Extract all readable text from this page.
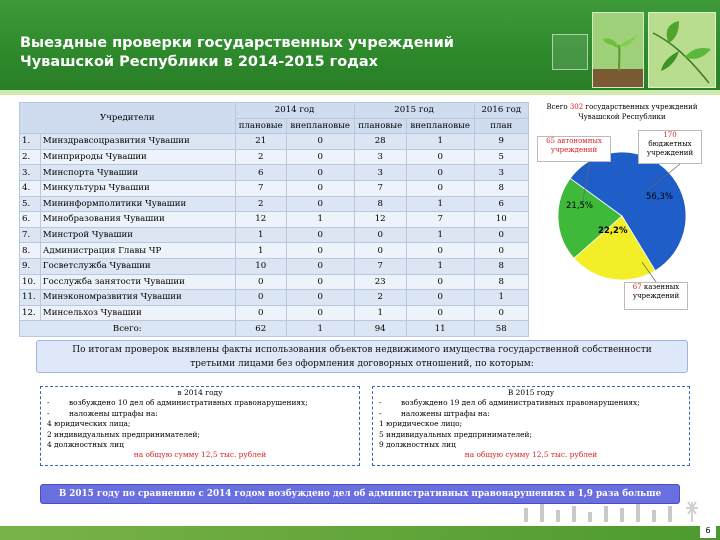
Выездные проверки государственных учреждений
Чувашской Республики в 2014-2015 годах
Учредители		2014 год		2015 год		2016 год
		плановые	внеплановые	плановые	внеплановые	план
1.	Минздравсоцразвития Чувашии	21	0	28	1	9
2.	Минприроды Чувашии	2	0	3	0	5
3.	Минспорта Чувашии	6	0	3	0	3
4.	Минкультуры Чувашии	7	0	7	0	8
5.	Mининформполитики Чувашии	2	0	8	1	6
6.	Минобразования Чувашии	12	1	12	7	10
7.	Минстрой Чувашии	1	0	0	1	0
8.	Администрация Главы ЧР	1	0	0	0	0
9.	Госветслужба Чувашии	10	0	7	1	8
10.	Госслужба занятости Чувашии	0	0	23	0	8
11.	Минэкономразвития Чувашии	0	0	2	0	1
12.	Минсельхоз Чувашии	0	0	1	0	0
Всего:		62	1	94	11	58
Всего 302 государственных учреждений
Чувашской Республики
65 автономных учреждений
170
бюджетных учреждений
67 казенных учреждений
56,3%
21,5%
22,2%
По итогам проверок выявлены факты использования объектов недвижимого имущества государственной собственности
третьими лицами без оформления договорных отношений, по которым:
в 2014 году
-	возбуждено 10 дел об административных правонарушениях;
-	наложены штрафы на:
4 юридических лица;
2 индивидуальных предпринимателей;
4 должностных лиц
на общую сумму 12,5 тыс. рублей
В 2015 году
-	возбуждено 19 дел об административных правонарушениях;
-	наложены штрафы на:
1 юридическое лицо;
5 индивидуальных предпринимателей;
9 должностных лиц
на общую сумму 12,5 тыс. рублей
В 2015 году по сравнению с 2014 годом возбуждено дел об административных правонарушениях в 1,9 раза больше
6
